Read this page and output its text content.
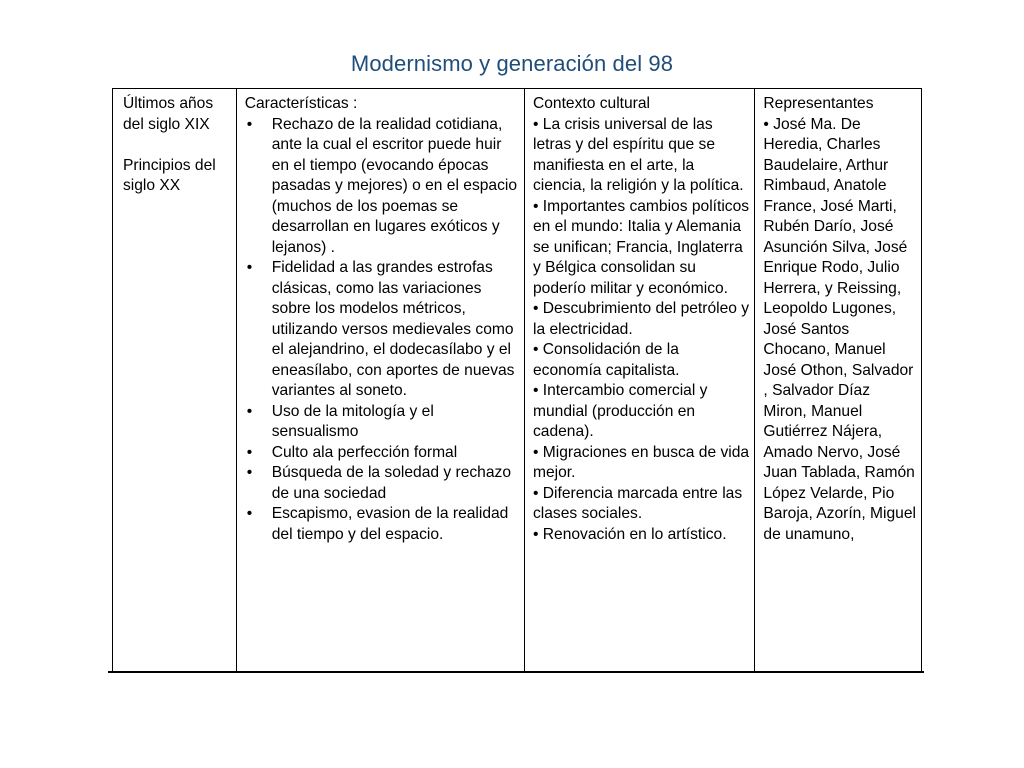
Modernismo y generación del 98
Últimos años del siglo XIX
Principios del siglo XX
Características :
• Rechazo de la realidad cotidiana, ante la cual el escritor puede huir en el tiempo (evocando épocas pasadas y mejores) o en el espacio (muchos de los poemas se desarrollan en lugares exóticos y lejanos) .
• Fidelidad a las grandes estrofas clásicas, como las variaciones sobre los modelos métricos, utilizando versos medievales como el alejandrino, el dodecasílabo y el eneasílabo, con aportes de nuevas variantes al soneto.
• Uso de la mitología y el sensualismo
• Culto ala perfección formal
• Búsqueda de la soledad y rechazo de una sociedad
• Escapismo, evasion de la realidad del tiempo y del espacio.
Contexto cultural
• La crisis universal de las letras y del espíritu que se manifiesta en el arte, la ciencia, la religión y la política.
• Importantes cambios políticos en el mundo: Italia y Alemania se unifican; Francia, Inglaterra y Bélgica consolidan su poderío militar y económico.
• Descubrimiento del petróleo y la electricidad.
• Consolidación de la economía capitalista.
• Intercambio comercial y mundial (producción en cadena).
• Migraciones en busca de vida mejor.
• Diferencia marcada entre las clases sociales.
• Renovación en lo artístico.
Representantes
• José Ma. De Heredia, Charles Baudelaire, Arthur Rimbaud, Anatole France, José Marti, Rubén Darío, José Asunción Silva, José Enrique Rodo, Julio Herrera, y Reissing, Leopoldo Lugones, José Santos Chocano, Manuel José Othon, Salvador , Salvador Díaz Miron, Manuel Gutiérrez Nájera, Amado Nervo, José Juan Tablada, Ramón López Velarde, Pio Baroja, Azorín, Miguel de unamuno,
